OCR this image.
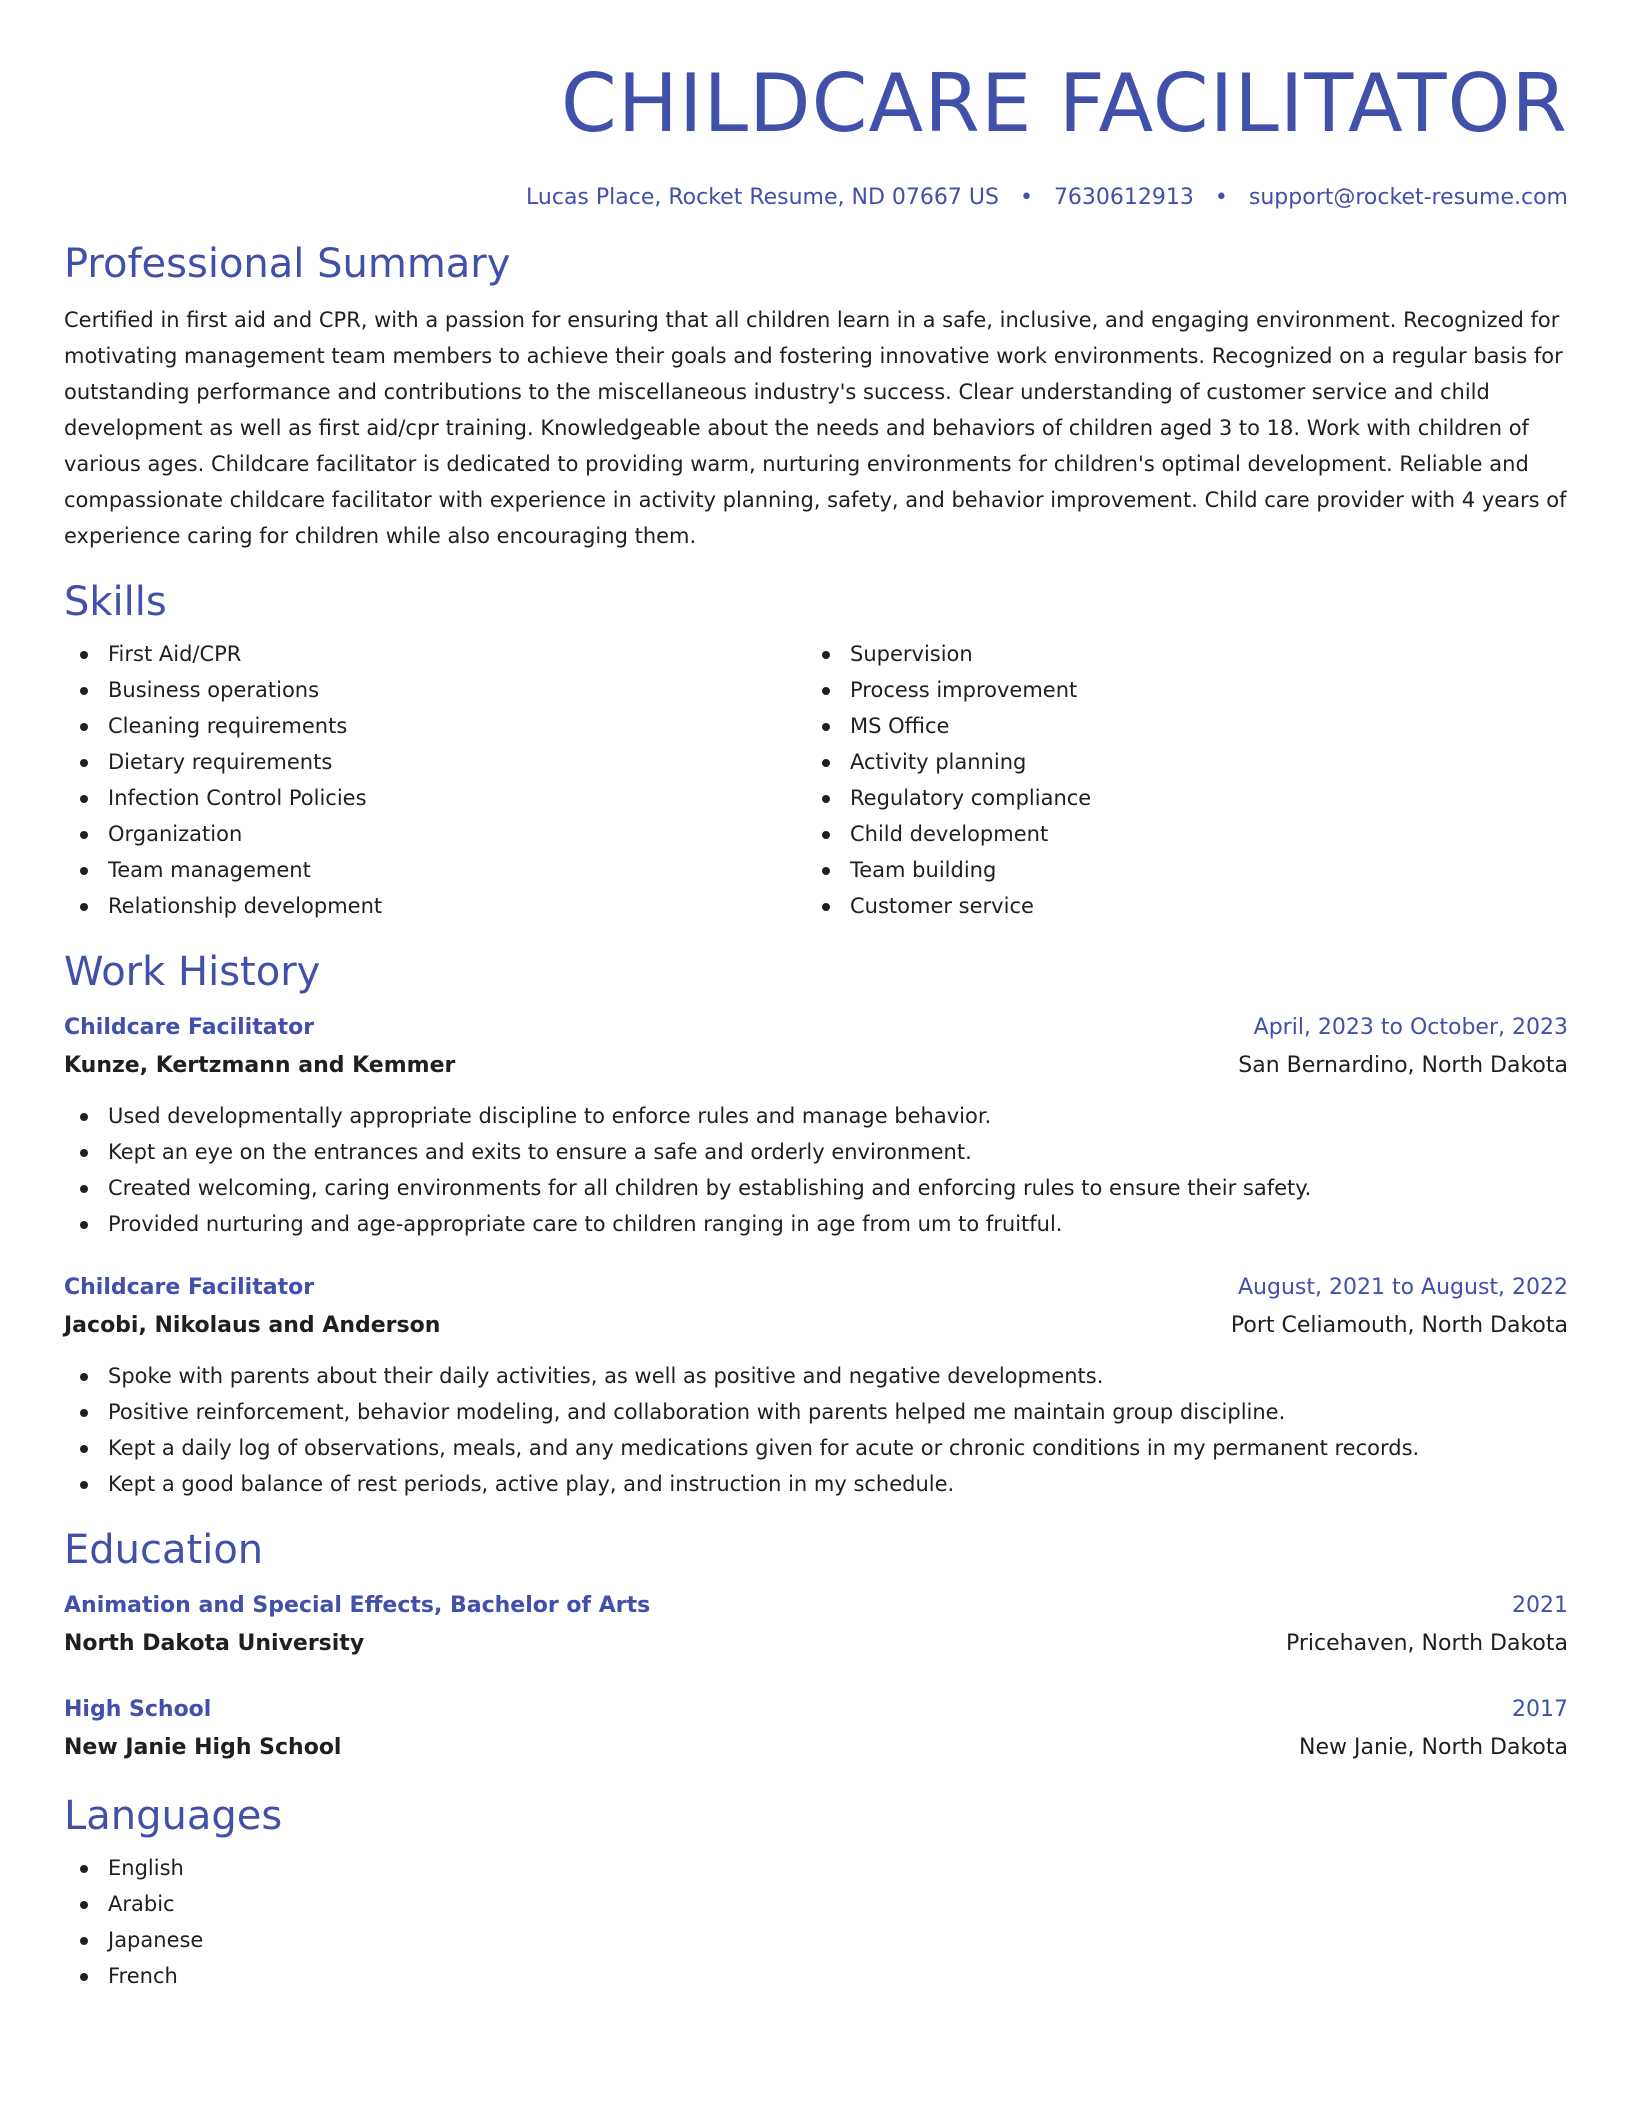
CHILDCARE FACILITATOR
Lucas Place, Rocket Resume, ND 07667 US • 7630612913 • support@rocket-resume.com
Professional Summary

Certified in first aid and CPR, with a passion for ensuring that all children learn in a safe, inclusive, and engaging environment. Recognized for motivating management team members to achieve their goals and fostering innovative work environments. Recognized on a regular basis for outstanding performance and contributions to the miscellaneous industry's success. Clear understanding of customer service and child development as well as first aid/cpr training. Knowledgeable about the needs and behaviors of children aged 3 to 18. Work with children of various ages. Childcare facilitator is dedicated to providing warm, nurturing environments for children's optimal development. Reliable and compassionate childcare facilitator with experience in activity planning, safety, and behavior improvement. Child care provider with 4 years of experience caring for children while also encouraging them.

Skills
First Aid/CPR
Business operations
Cleaning requirements
Dietary requirements
Infection Control Policies
Organization
Team management
Relationship development
Supervision
Process improvement
MS Office
Activity planning
Regulatory compliance
Child development
Team building
Customer service
Work History
Childcare Facilitator	April, 2023 to October, 2023
Kunze, Kertzmann and Kemmer	San Bernardino, North Dakota
Used developmentally appropriate discipline to enforce rules and manage behavior.
Kept an eye on the entrances and exits to ensure a safe and orderly environment.
Created welcoming, caring environments for all children by establishing and enforcing rules to ensure their safety.
Provided nurturing and age-appropriate care to children ranging in age from um to fruitful.
Childcare Facilitator	August, 2021 to August, 2022
Jacobi, Nikolaus and Anderson	Port Celiamouth, North Dakota
Spoke with parents about their daily activities, as well as positive and negative developments.
Positive reinforcement, behavior modeling, and collaboration with parents helped me maintain group discipline.
Kept a daily log of observations, meals, and any medications given for acute or chronic conditions in my permanent records.
Kept a good balance of rest periods, active play, and instruction in my schedule.
Education
Animation and Special Effects, Bachelor of Arts	2021
North Dakota University	Pricehaven, North Dakota
High School	2017
New Janie High School	New Janie, North Dakota
Languages
English
Arabic
Japanese
French
